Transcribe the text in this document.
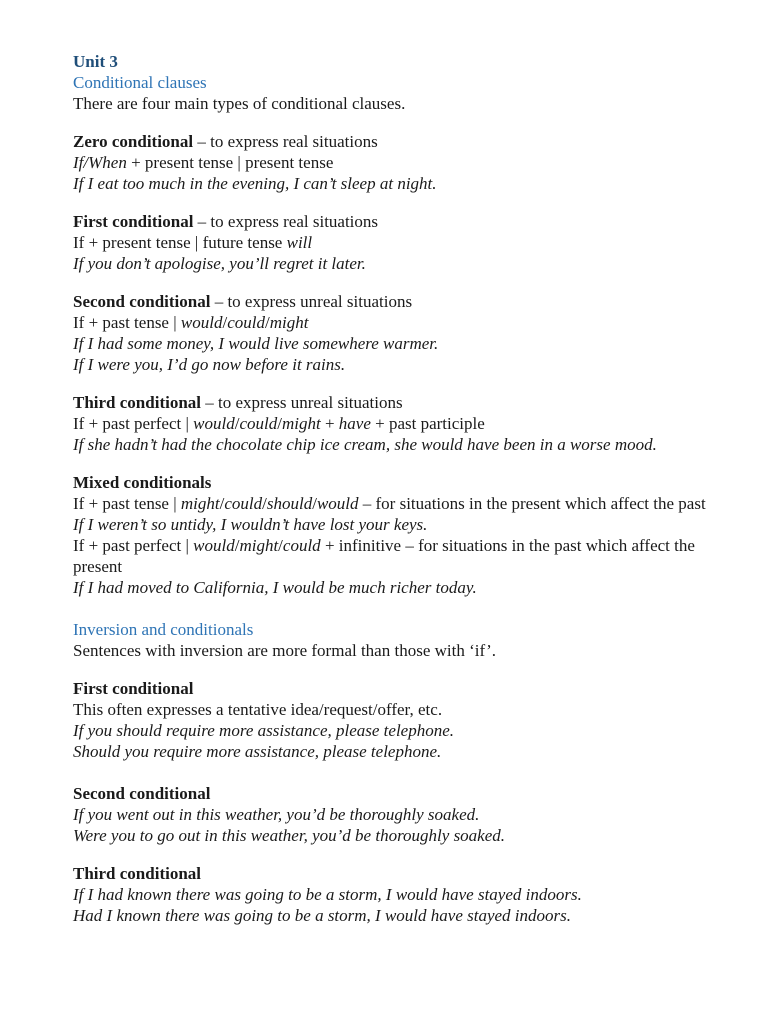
Unit 3

Conditional clauses

There are four main types of conditional clauses.

Zero conditional – to express real situations

If/When + present tense | present tense

If I eat too much in the evening, I can’t sleep at night.

First conditional – to express real situations

If + present tense | future tense will

If you don’t apologise, you’ll regret it later.

Second conditional – to express unreal situations

If + past tense | would/could/might

If I had some money, I would live somewhere warmer.

If I were you, I’d go now before it rains.

Third conditional – to express unreal situations

If + past perfect | would/could/might + have + past participle

If she hadn’t had the chocolate chip ice cream, she would have been in a worse mood.

Mixed conditionals

If + past tense | might/could/should/would – for situations in the present which affect the past

If I weren’t so untidy, I wouldn’t have lost your keys.

If + past perfect | would/might/could + infinitive – for situations in the past which affect the present

If I had moved to California, I would be much richer today.

Inversion and conditionals

Sentences with inversion are more formal than those with ‘if’.

First conditional

This often expresses a tentative idea/request/offer, etc.

If you should require more assistance, please telephone.

Should you require more assistance, please telephone.

Second conditional

If you went out in this weather, you’d be thoroughly soaked.

Were you to go out in this weather, you’d be thoroughly soaked.

Third conditional

If I had known there was going to be a storm, I would have stayed indoors.

Had I known there was going to be a storm, I would have stayed indoors.
